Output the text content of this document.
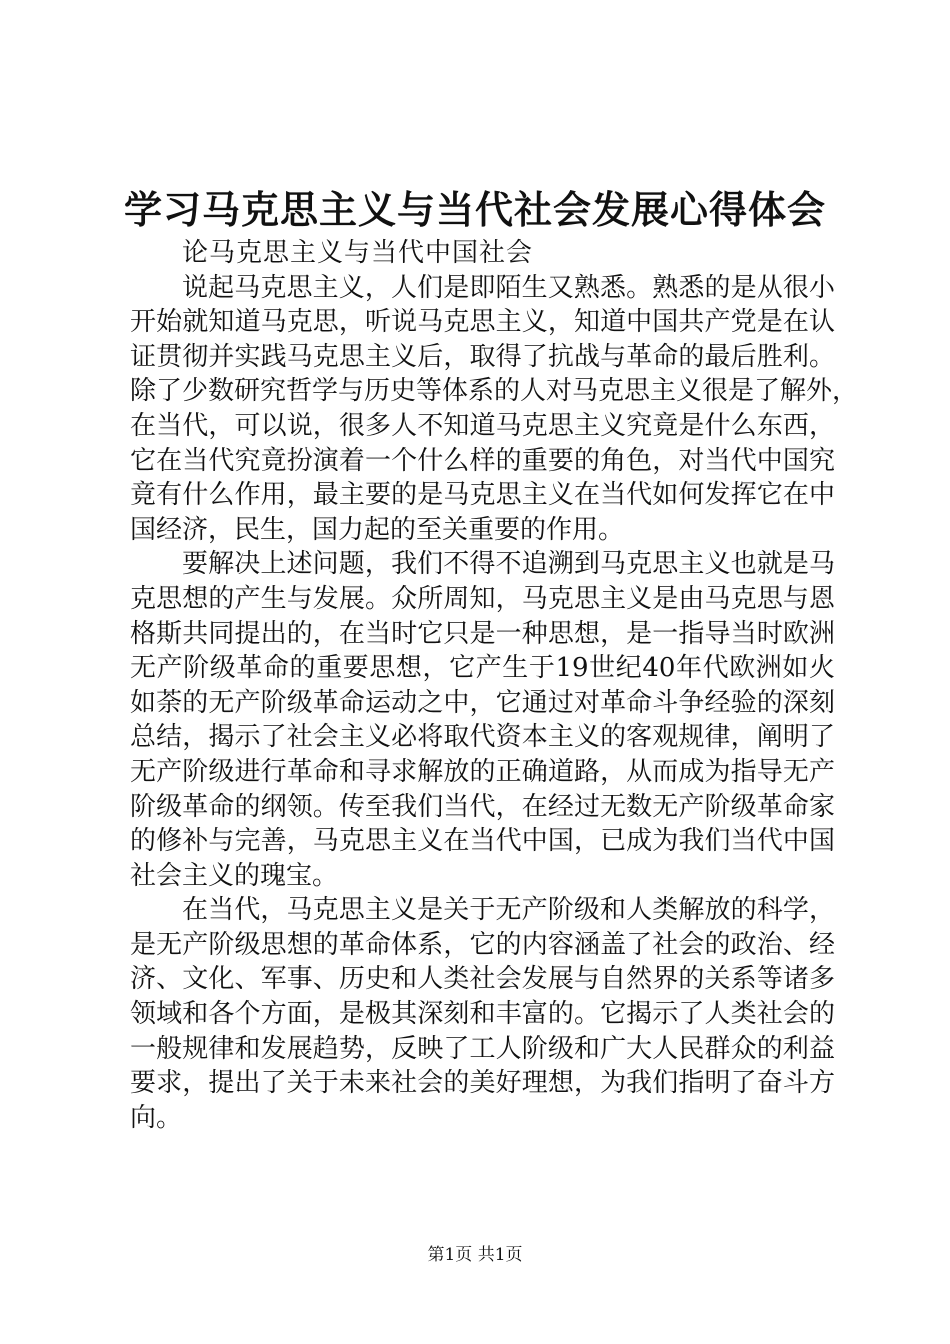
学习马克思主义与当代社会发展心得体会
论马克思主义与当代中国社会
说起马克思主义，人们是即陌生又熟悉。熟悉的是从很小
开始就知道马克思，听说马克思主义，知道中国共产党是在认
证贯彻并实践马克思主义后，取得了抗战与革命的最后胜利。
除了少数研究哲学与历史等体系的人对马克思主义很是了解外，
在当代，可以说，很多人不知道马克思主义究竟是什么东西，
它在当代究竟扮演着一个什么样的重要的角色，对当代中国究
竟有什么作用，最主要的是马克思主义在当代如何发挥它在中
国经济，民生，国力起的至关重要的作用。
要解决上述问题，我们不得不追溯到马克思主义也就是马
克思想的产生与发展。众所周知，马克思主义是由马克思与恩
格斯共同提出的，在当时它只是一种思想，是一指导当时欧洲
无产阶级革命的重要思想，它产生于19世纪40年代欧洲如火
如荼的无产阶级革命运动之中，它通过对革命斗争经验的深刻
总结，揭示了社会主义必将取代资本主义的客观规律，阐明了
无产阶级进行革命和寻求解放的正确道路，从而成为指导无产
阶级革命的纲领。传至我们当代，在经过无数无产阶级革命家
的修补与完善，马克思主义在当代中国，已成为我们当代中国
社会主义的瑰宝。
在当代，马克思主义是关于无产阶级和人类解放的科学，
是无产阶级思想的革命体系，它的内容涵盖了社会的政治、经
济、文化、军事、历史和人类社会发展与自然界的关系等诸多
领域和各个方面，是极其深刻和丰富的。它揭示了人类社会的
一般规律和发展趋势，反映了工人阶级和广大人民群众的利益
要求，提出了关于未来社会的美好理想，为我们指明了奋斗方
向。
第1页 共1页
